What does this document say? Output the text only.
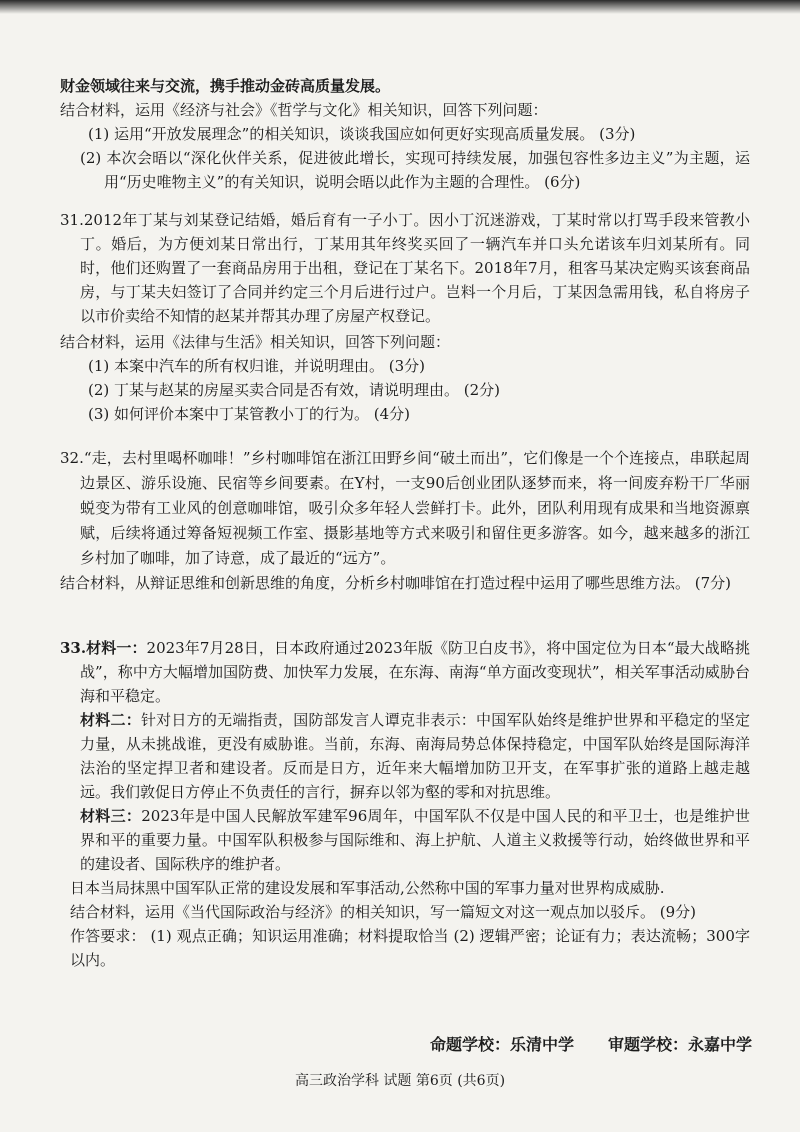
财金领域往来与交流，携手推动金砖高质量发展。

结合材料，运用《经济与社会》《哲学与文化》相关知识，回答下列问题：

(1) 运用“开放发展理念”的相关知识，谈谈我国应如何更好实现高质量发展。 (3分)

(2) 本次会晤以“深化伙伴关系，促进彼此增长，实现可持续发展，加强包容性多边主义”为主题，运用“历史唯物主义”的有关知识，说明会晤以此作为主题的合理性。 (6分)

31.2012年丁某与刘某登记结婚，婚后育有一子小丁。因小丁沉迷游戏，丁某时常以打骂手段来管教小丁。婚后，为方便刘某日常出行，丁某用其年终奖买回了一辆汽车并口头允诺该车归刘某所有。同时，他们还购置了一套商品房用于出租，登记在丁某名下。2018年7月，租客马某决定购买该套商品房，与丁某夫妇签订了合同并约定三个月后进行过户。岂料一个月后，丁某因急需用钱，私自将房子以市价卖给不知情的赵某并帮其办理了房屋产权登记。

结合材料，运用《法律与生活》相关知识，回答下列问题：

(1) 本案中汽车的所有权归谁，并说明理由。 (3分)

(2) 丁某与赵某的房屋买卖合同是否有效，请说明理由。 (2分)

(3) 如何评价本案中丁某管教小丁的行为。 (4分)

32.“走，去村里喝杯咖啡！”乡村咖啡馆在浙江田野乡间“破土而出”，它们像是一个个连接点，串联起周边景区、游乐设施、民宿等乡间要素。在Y村，一支90后创业团队逐梦而来，将一间废弃粉干厂华丽蜕变为带有工业风的创意咖啡馆，吸引众多年轻人尝鲜打卡。此外，团队利用现有成果和当地资源禀赋，后续将通过筹备短视频工作室、摄影基地等方式来吸引和留住更多游客。如今，越来越多的浙江乡村加了咖啡，加了诗意，成了最近的“远方”。

结合材料，从辩证思维和创新思维的角度，分析乡村咖啡馆在打造过程中运用了哪些思维方法。 (7分)

33.材料一：2023年7月28日，日本政府通过2023年版《防卫白皮书》，将中国定位为日本“最大战略挑战”，称中方大幅增加国防费、加快军力发展，在东海、南海“单方面改变现状”，相关军事活动威胁台海和平稳定。

材料二：针对日方的无端指责，国防部发言人谭克非表示：中国军队始终是维护世界和平稳定的坚定力量，从未挑战谁，更没有威胁谁。当前，东海、南海局势总体保持稳定，中国军队始终是国际海洋法治的坚定捍卫者和建设者。反而是日方，近年来大幅增加防卫开支，在军事扩张的道路上越走越远。我们敦促日方停止不负责任的言行，摒弃以邻为壑的零和对抗思维。

材料三：2023年是中国人民解放军建军96周年，中国军队不仅是中国人民的和平卫士，也是维护世界和平的重要力量。中国军队积极参与国际维和、海上护航、人道主义救援等行动，始终做世界和平的建设者、国际秩序的维护者。

日本当局抹黑中国军队正常的建设发展和军事活动,公然称中国的军事力量对世界构成威胁.

结合材料，运用《当代国际政治与经济》的相关知识，写一篇短文对这一观点加以驳斥。 (9分)

作答要求： (1) 观点正确；知识运用准确；材料提取恰当 (2) 逻辑严密；论证有力；表达流畅；300字以内。

命题学校：乐清中学 审题学校：永嘉中学
高三政治学科 试题 第6页 (共6页)
